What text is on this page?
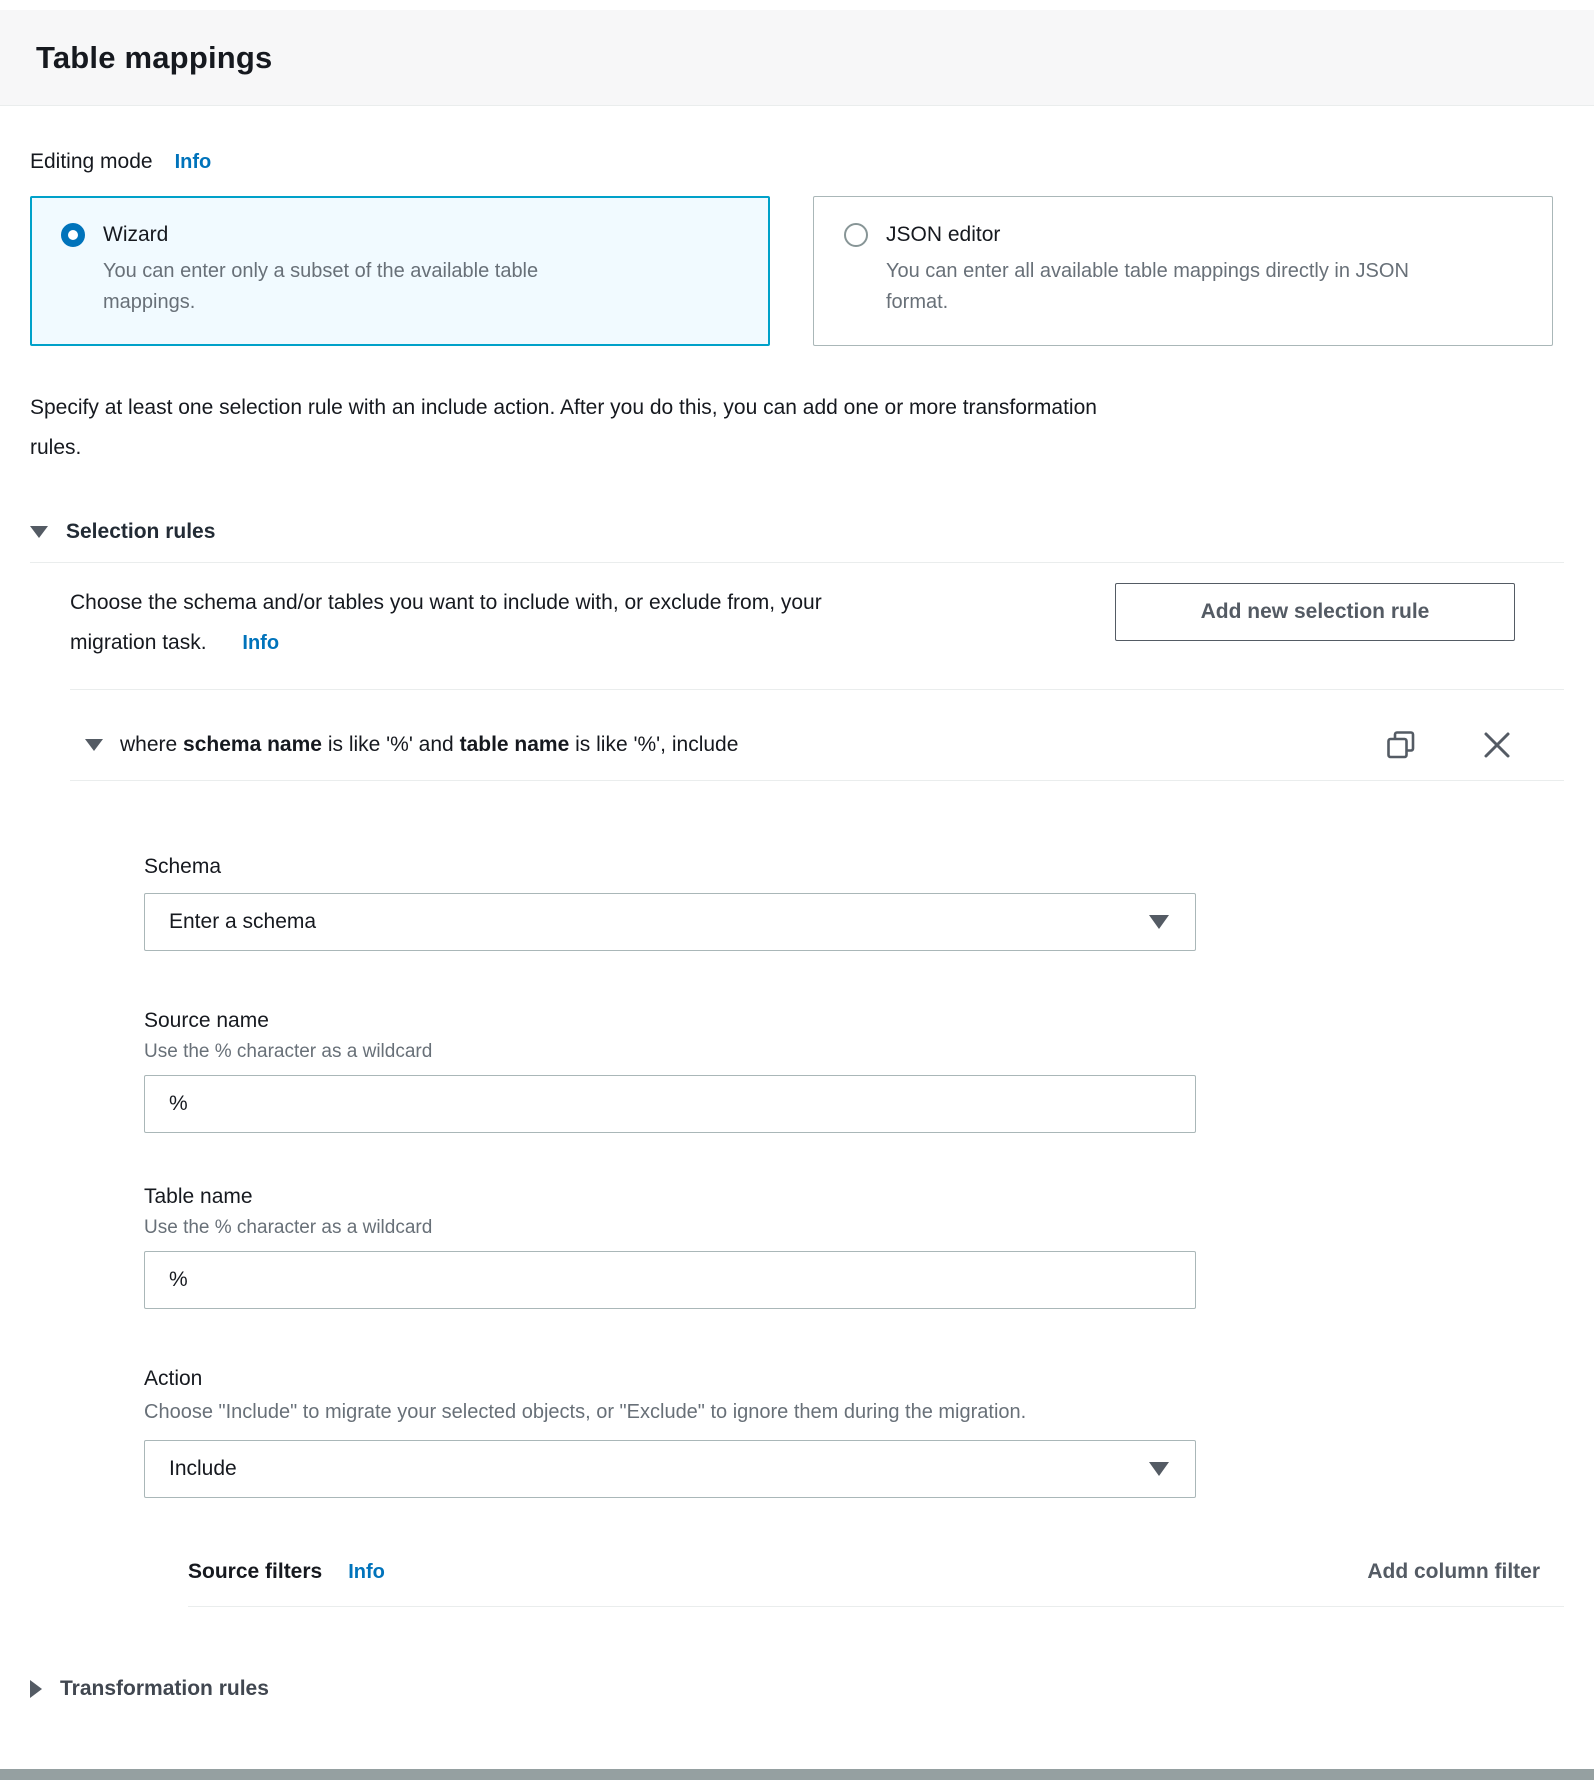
Table mappings
Editing mode Info
Wizard
You can enter only a subset of the available table mappings.
JSON editor
You can enter all available table mappings directly in JSON format.
Specify at least one selection rule with an include action. After you do this, you can add one or more transformation
rules.
Selection rules
Choose the schema and/or tables you want to include with, or exclude from, your
migration task. Info
Add new selection rule
where schema name is like '%' and table name is like '%', include
Schema
Enter a schema
Source name
Use the % character as a wildcard
%
Table name
Use the % character as a wildcard
%
Action
Choose "Include" to migrate your selected objects, or "Exclude" to ignore them during the migration.
Include
Source filters Info	Add column filter
Transformation rules
